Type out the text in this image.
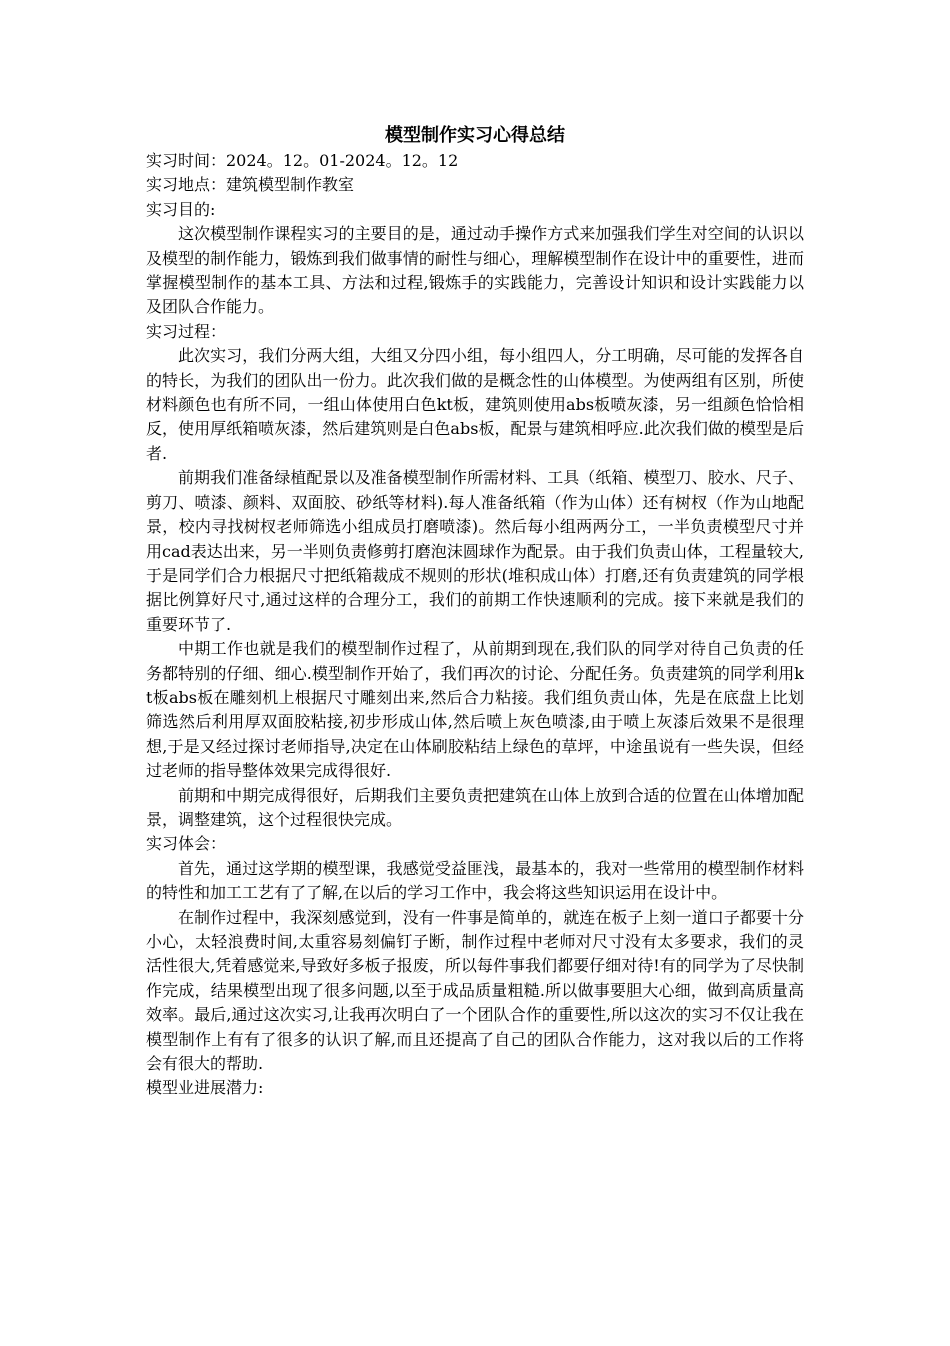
模型制作实习心得总结

实习时间：2024。12。01-2024。12。12

实习地点：建筑模型制作教室

实习目的:

这次模型制作课程实习的主要目的是，通过动手操作方式来加强我们学生对空间的认识以及模型的制作能力，锻炼到我们做事情的耐性与细心，理解模型制作在设计中的重要性，进而掌握模型制作的基本工具、方法和过程,锻炼手的实践能力，完善设计知识和设计实践能力以及团队合作能力。

实习过程：

此次实习，我们分两大组，大组又分四小组，每小组四人，分工明确，尽可能的发挥各自的特长，为我们的团队出一份力。此次我们做的是概念性的山体模型。为使两组有区别，所使材料颜色也有所不同，一组山体使用白色kt板，建筑则使用abs板喷灰漆，另一组颜色恰恰相反，使用厚纸箱喷灰漆，然后建筑则是白色abs板，配景与建筑相呼应.此次我们做的模型是后者.

前期我们准备绿植配景以及准备模型制作所需材料、工具（纸箱、模型刀、胶水、尺子、剪刀、喷漆、颜料、双面胶、砂纸等材料).每人准备纸箱（作为山体）还有树杈（作为山地配景，校内寻找树杈老师筛选小组成员打磨喷漆)。然后每小组两两分工，一半负责模型尺寸并用cad表达出来，另一半则负责修剪打磨泡沫圆球作为配景。由于我们负责山体，工程量较大,于是同学们合力根据尺寸把纸箱裁成不规则的形状(堆积成山体）打磨,还有负责建筑的同学根据比例算好尺寸,通过这样的合理分工，我们的前期工作快速顺利的完成。接下来就是我们的重要环节了.

中期工作也就是我们的模型制作过程了，从前期到现在,我们队的同学对待自己负责的任务都特别的仔细、细心.模型制作开始了，我们再次的讨论、分配任务。负责建筑的同学利用kt板abs板在雕刻机上根据尺寸雕刻出来,然后合力粘接。我们组负责山体，先是在底盘上比划筛选然后利用厚双面胶粘接,初步形成山体,然后喷上灰色喷漆,由于喷上灰漆后效果不是很理想,于是又经过探讨老师指导,决定在山体刷胶粘结上绿色的草坪，中途虽说有一些失误，但经过老师的指导整体效果完成得很好.

前期和中期完成得很好，后期我们主要负责把建筑在山体上放到合适的位置在山体增加配景，调整建筑，这个过程很快完成。

实习体会：

首先，通过这学期的模型课，我感觉受益匪浅，最基本的，我对一些常用的模型制作材料的特性和加工工艺有了了解,在以后的学习工作中，我会将这些知识运用在设计中。

在制作过程中，我深刻感觉到，没有一件事是简单的，就连在板子上刻一道口子都要十分小心，太轻浪费时间,太重容易刻偏钉子断，制作过程中老师对尺寸没有太多要求，我们的灵活性很大,凭着感觉来,导致好多板子报废，所以每件事我们都要仔细对待!有的同学为了尽快制作完成，结果模型出现了很多问题,以至于成品质量粗糙.所以做事要胆大心细，做到高质量高效率。最后,通过这次实习,让我再次明白了一个团队合作的重要性,所以这次的实习不仅让我在模型制作上有有了很多的认识了解,而且还提高了自己的团队合作能力，这对我以后的工作将会有很大的帮助.

模型业进展潜力:
